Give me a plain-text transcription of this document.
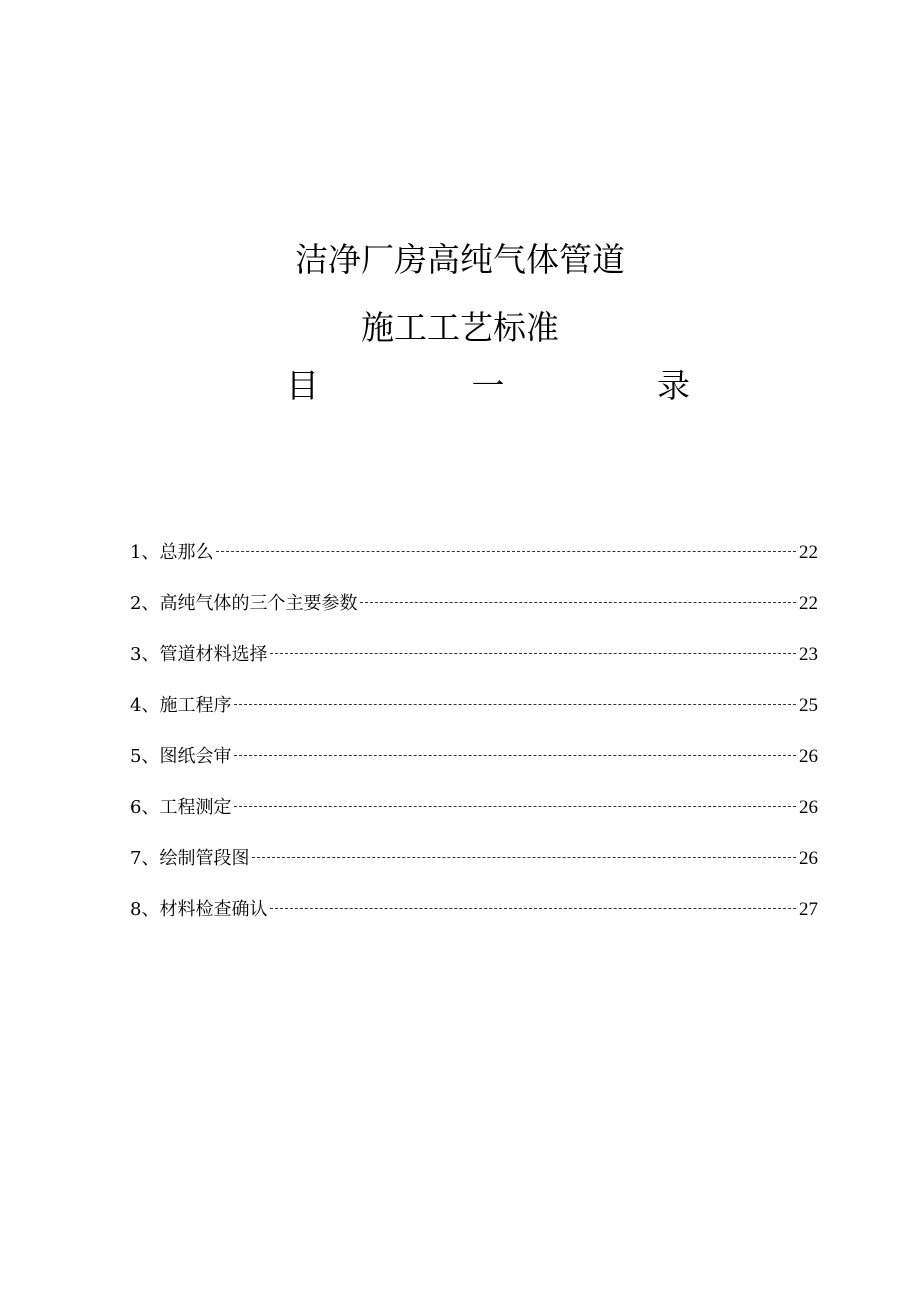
洁净厂房高纯气体管道
施工工艺标准
目	一	录
1 、 总那么	22
2 、 高纯气体的三个主要参数	22
3 、 管道材料选择	23
4 、 施工程序	25
5 、 图纸会审	26
6 、 工程测定	26
7 、 绘制管段图	26
8 、 材料检查确认	27
